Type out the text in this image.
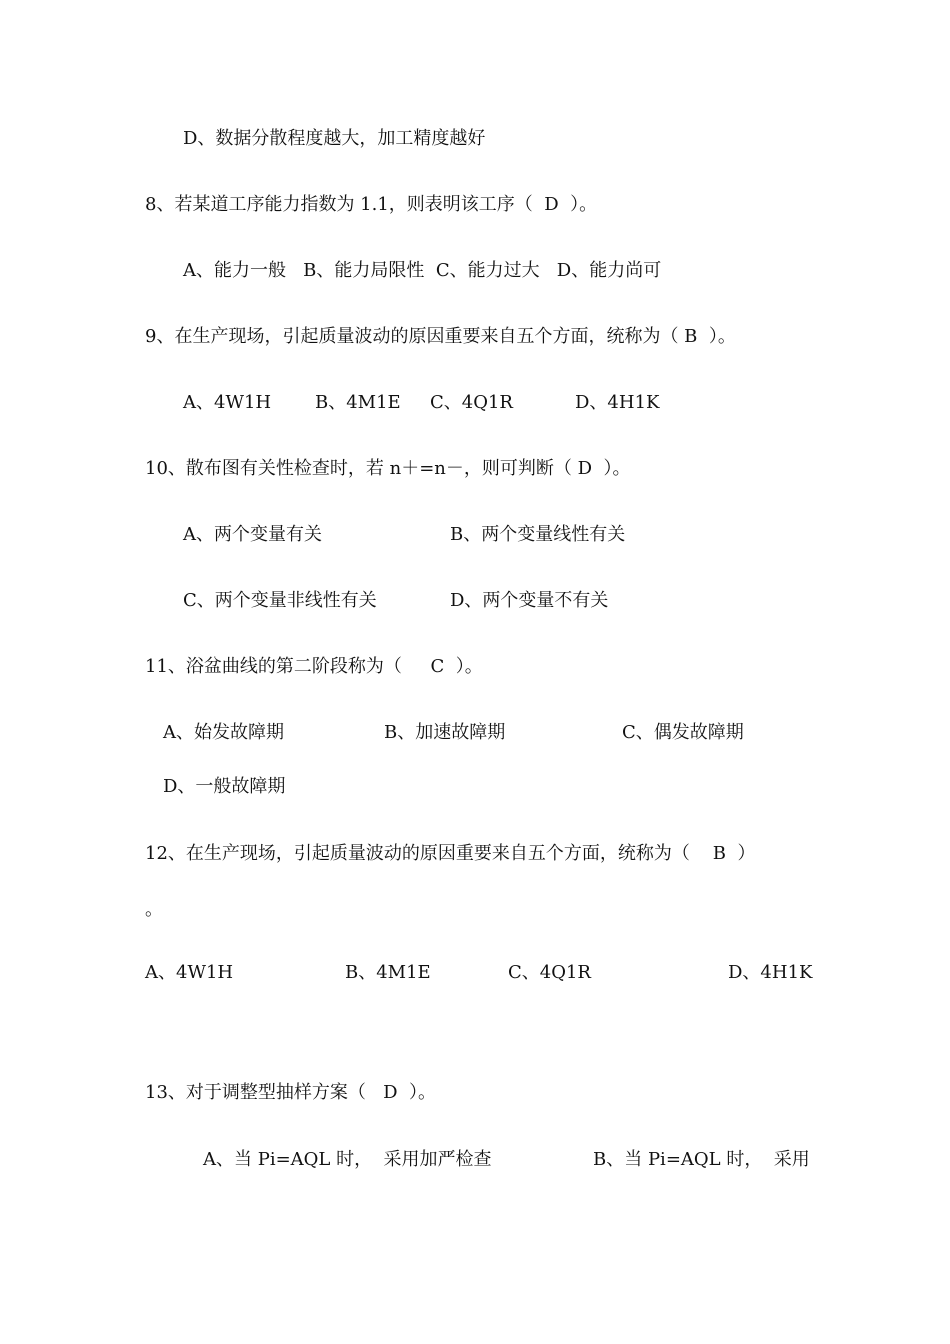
D、数据分散程度越大，加工精度越好
8、若某道工序能力指数为 1.1，则表明该工序（  D  ）。
A、能力一般   B、能力局限性  C、能力过大   D、能力尚可
9、在生产现场，引起质量波动的原因重要来自五个方面，统称为（ B  ）。
A、4W1H B、4M1E C、4Q1R	D、4H1K
10、散布图有关性检查时，若 n＋=n－，则可判断（ D  ）。
A、两个变量有关	B、两个变量线性有关
C、两个变量非线性有关	D、两个变量不有关
11、浴盆曲线的第二阶段称为（     C  ）。
A、始发故障期	B、加速故障期	C、偶发故障期
D、一般故障期
12、在生产现场，引起质量波动的原因重要来自五个方面，统称为（    B  ）
。
A、4W1H	B、4M1E	C、4Q1R	D、4H1K
13、对于调整型抽样方案（   D  ）。
A、当 Pi=AQL 时，  采用加严检查	B、当 Pi=AQL 时，  采用
